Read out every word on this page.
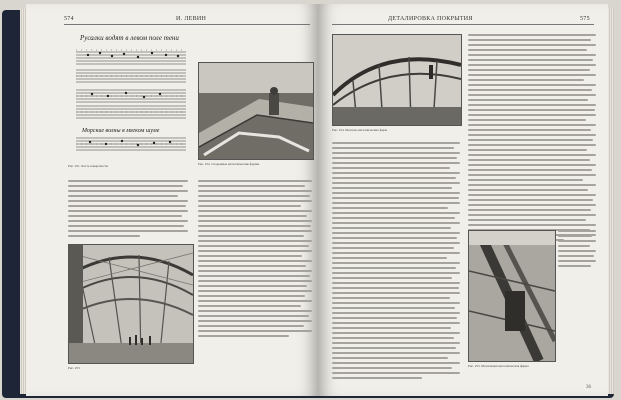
574	И. ЛЕВИН
Русалки водят в левом поле тени
Морские волны в мягком шуме
Рис. 251. Часть поверхности	Рис. 252. Спаренные металлические фермы
Рис. 253
ДЕТАЛИРОВКА ПОКРЫТИЯ	575
Рис. 254. Монтаж металлических ферм
Рис. 255. Монтажная металлическая ферма
36
